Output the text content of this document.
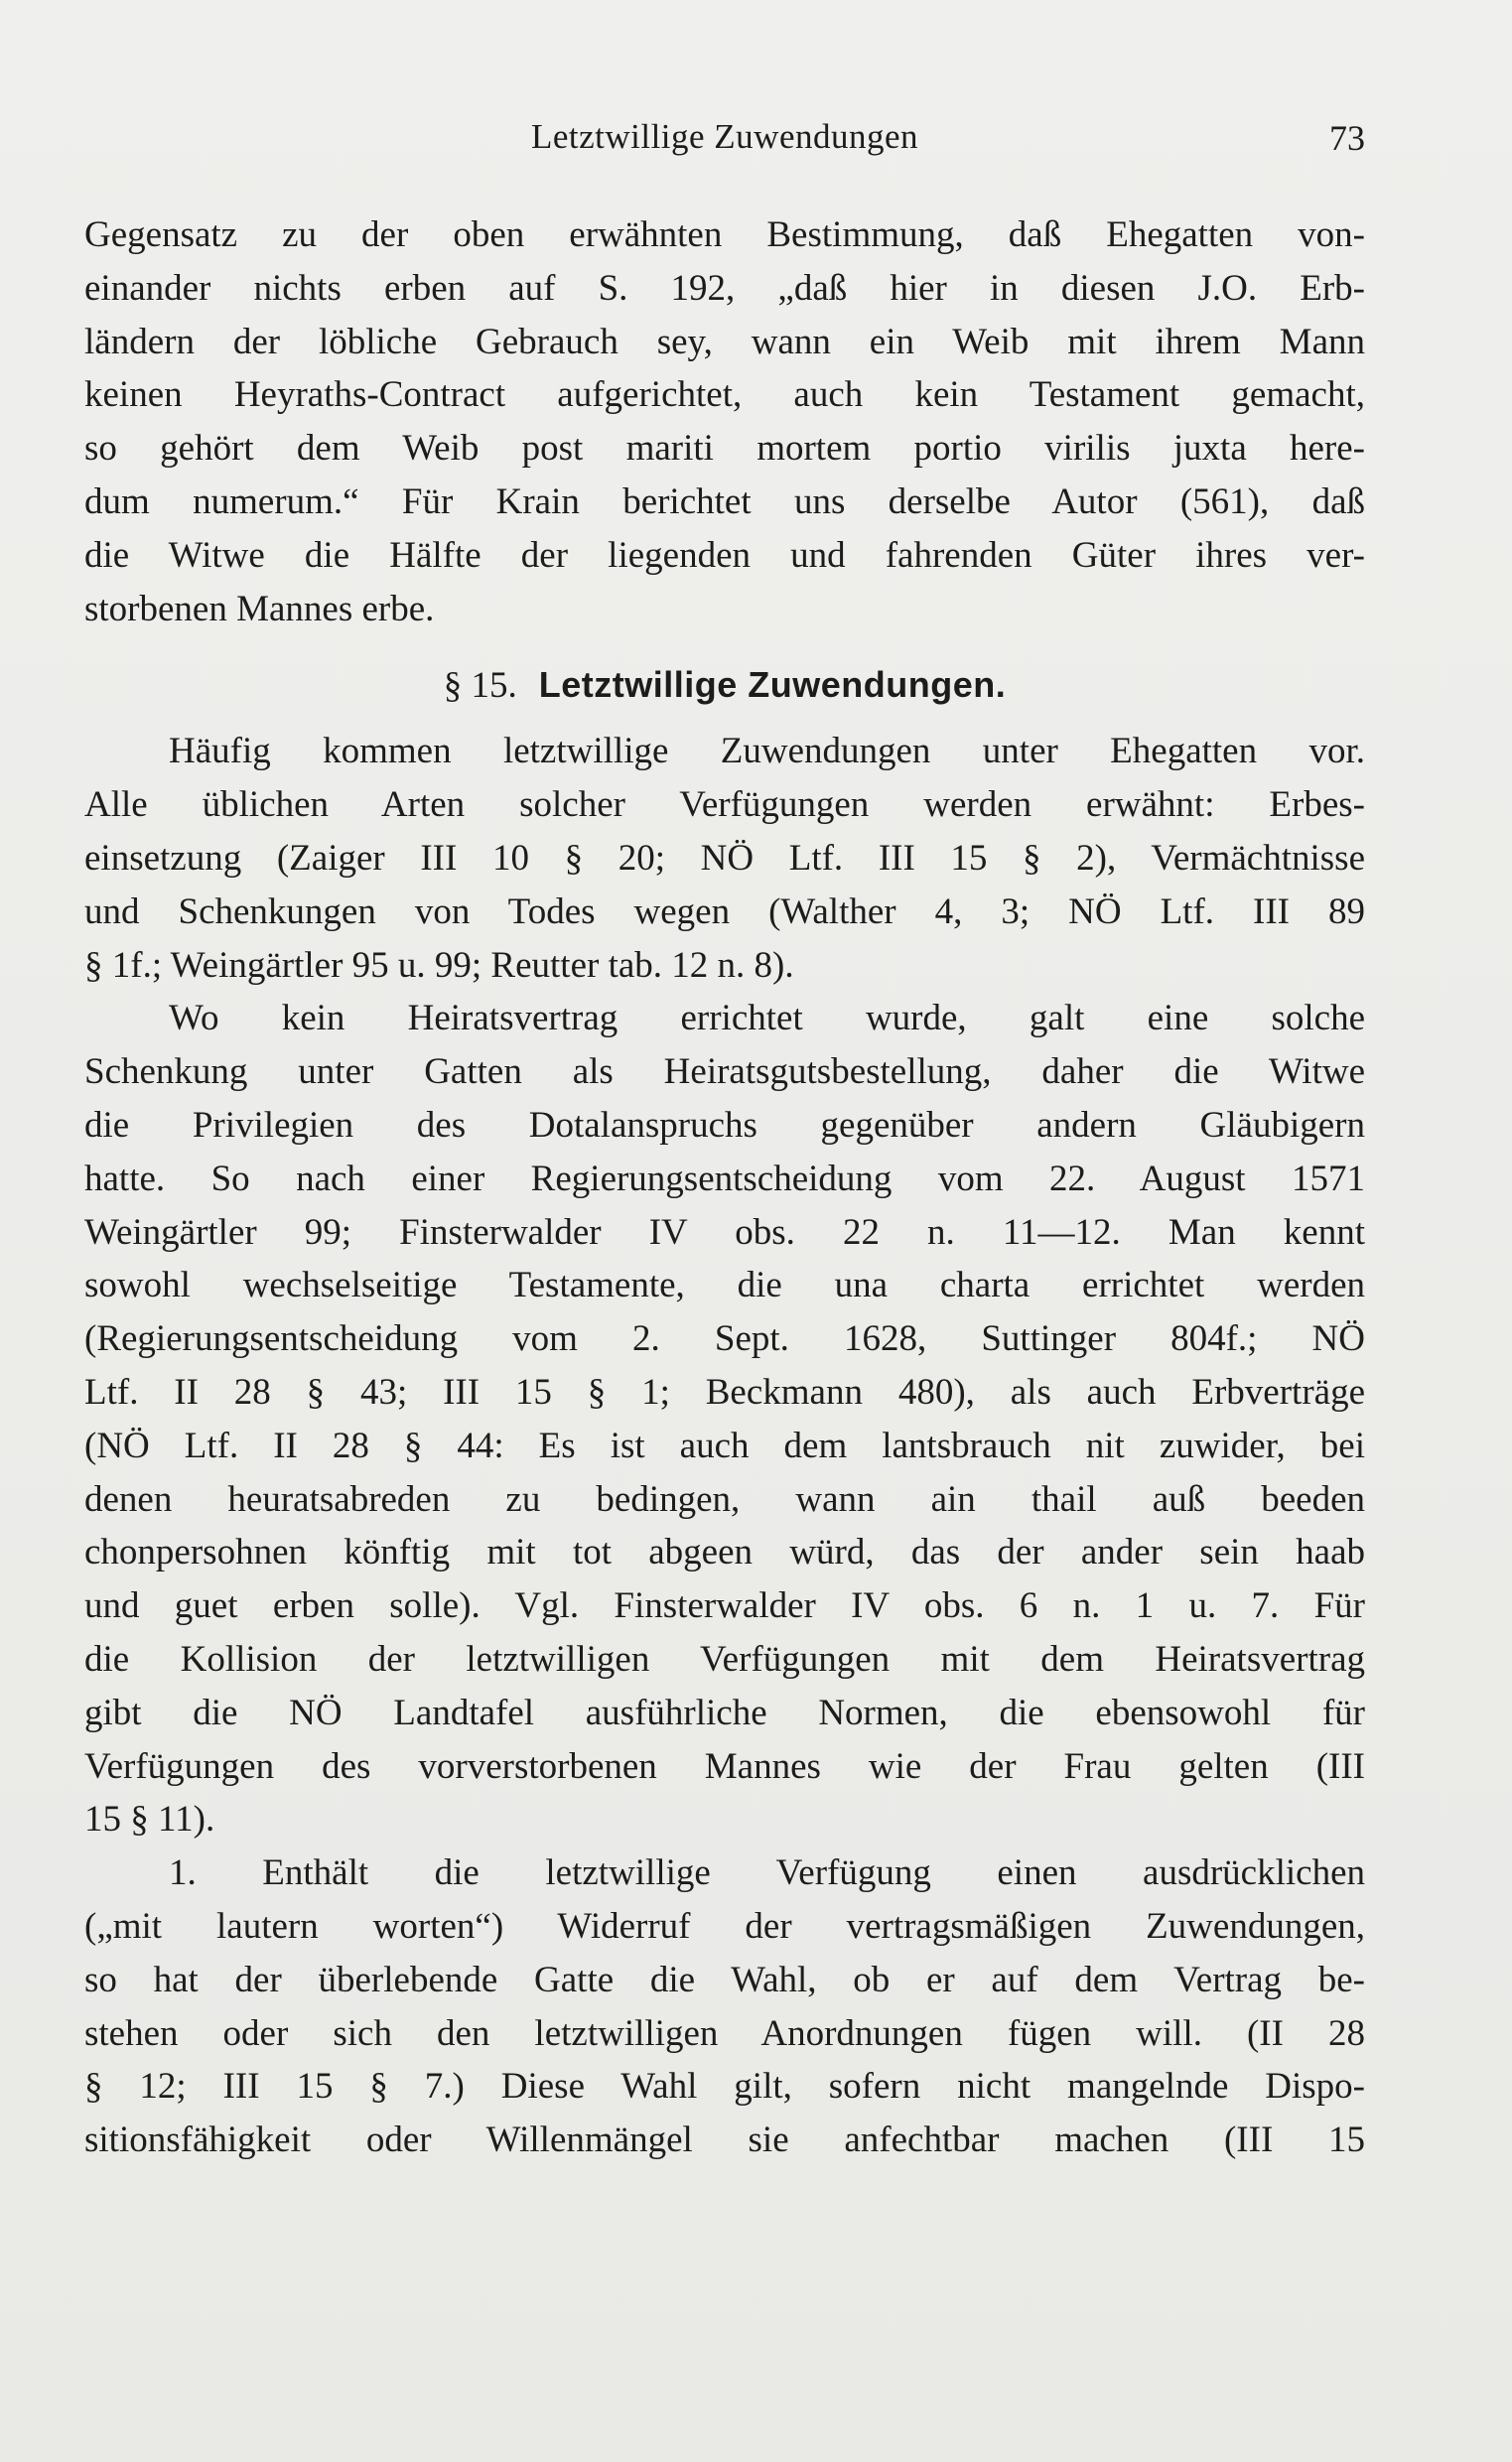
Letztwillige Zuwendungen	73
Gegensatz zu der oben erwähnten Bestimmung, daß Ehegatten von-
einander nichts erben auf S. 192, „daß hier in diesen J.O. Erb-
ländern der löbliche Gebrauch sey, wann ein Weib mit ihrem Mann
keinen Heyraths-Contract aufgerichtet, auch kein Testament gemacht,
so gehört dem Weib post mariti mortem portio virilis juxta here-
dum numerum.“ Für Krain berichtet uns derselbe Autor (561), daß
die Witwe die Hälfte der liegenden und fahrenden Güter ihres ver-
storbenen Mannes erbe.
§ 15. Letztwillige Zuwendungen.
Häufig kommen letztwillige Zuwendungen unter Ehegatten vor.
Alle üblichen Arten solcher Verfügungen werden erwähnt: Erbes-
einsetzung (Zaiger III 10 § 20; NÖ Ltf. III 15 § 2), Vermächtnisse
und Schenkungen von Todes wegen (Walther 4, 3; NÖ Ltf. III 89
§ 1f.; Weingärtler 95 u. 99; Reutter tab. 12 n. 8).
Wo kein Heiratsvertrag errichtet wurde, galt eine solche
Schenkung unter Gatten als Heiratsgutsbestellung, daher die Witwe
die Privilegien des Dotalanspruchs gegenüber andern Gläubigern
hatte. So nach einer Regierungsentscheidung vom 22. August 1571
Weingärtler 99; Finsterwalder IV obs. 22 n. 11—12. Man kennt
sowohl wechselseitige Testamente, die una charta errichtet werden
(Regierungsentscheidung vom 2. Sept. 1628, Suttinger 804f.; NÖ
Ltf. II 28 § 43; III 15 § 1; Beckmann 480), als auch Erbverträge
(NÖ Ltf. II 28 § 44: Es ist auch dem lantsbrauch nit zuwider, bei
denen heuratsabreden zu bedingen, wann ain thail auß beeden
chonpersohnen könftig mit tot abgeen würd, das der ander sein haab
und guet erben solle). Vgl. Finsterwalder IV obs. 6 n. 1 u. 7. Für
die Kollision der letztwilligen Verfügungen mit dem Heiratsvertrag
gibt die NÖ Landtafel ausführliche Normen, die ebensowohl für
Verfügungen des vorverstorbenen Mannes wie der Frau gelten (III
15 § 11).
1. Enthält die letztwillige Verfügung einen ausdrücklichen
(„mit lautern worten“) Widerruf der vertragsmäßigen Zuwendungen,
so hat der überlebende Gatte die Wahl, ob er auf dem Vertrag be-
stehen oder sich den letztwilligen Anordnungen fügen will. (II 28
§ 12; III 15 § 7.) Diese Wahl gilt, sofern nicht mangelnde Dispo-
sitionsfähigkeit oder Willenmängel sie anfechtbar machen (III 15
